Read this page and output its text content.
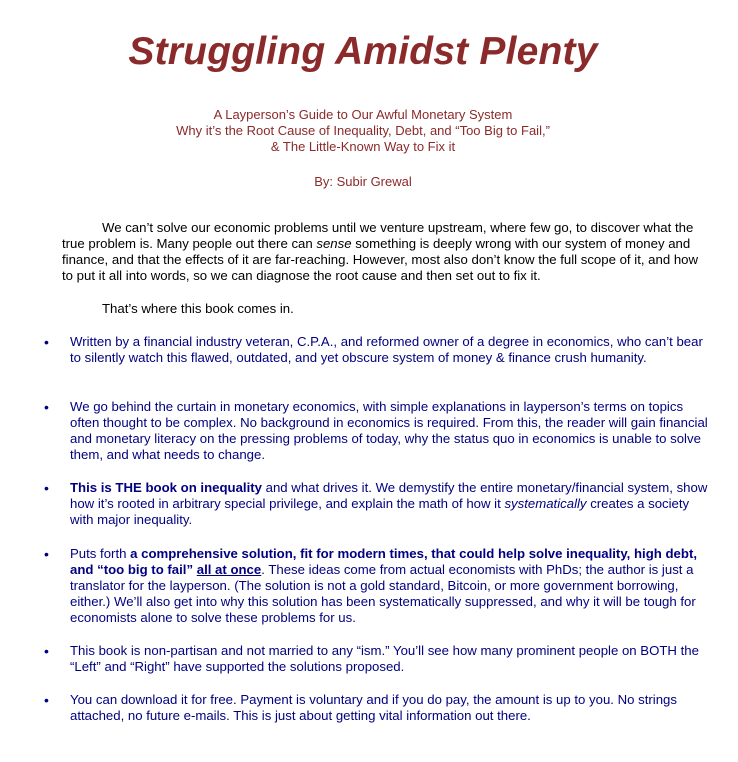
Struggling Amidst Plenty
A Layperson’s Guide to Our Awful Monetary System
Why it’s the Root Cause of Inequality, Debt, and “Too Big to Fail,”
& The Little-Known Way to Fix it
By: Subir Grewal
We can’t solve our economic problems until we venture upstream, where few go, to discover what the true problem is. Many people out there can sense something is deeply wrong with our system of money and finance, and that the effects of it are far-reaching. However, most also don’t know the full scope of it, and how to put it all into words, so we can diagnose the root cause and then set out to fix it.
That’s where this book comes in.
•	Written by a financial industry veteran, C.P.A., and reformed owner of a degree in economics, who can’t bear to silently watch this flawed, outdated, and yet obscure system of money & finance crush humanity.
•	We go behind the curtain in monetary economics, with simple explanations in layperson’s terms on topics often thought to be complex. No background in economics is required. From this, the reader will gain financial and monetary literacy on the pressing problems of today, why the status quo in economics is unable to solve them, and what needs to change.
•	This is THE book on inequality and what drives it. We demystify the entire monetary/financial system, show how it’s rooted in arbitrary special privilege, and explain the math of how it systematically creates a society with major inequality.
•	Puts forth a comprehensive solution, fit for modern times, that could help solve inequality, high debt, and “too big to fail” all at once. These ideas come from actual economists with PhDs; the author is just a translator for the layperson. (The solution is not a gold standard, Bitcoin, or more government borrowing, either.) We’ll also get into why this solution has been systematically suppressed, and why it will be tough for economists alone to solve these problems for us.
•	This book is non-partisan and not married to any “ism.” You’ll see how many prominent people on BOTH the “Left” and “Right” have supported the solutions proposed.
•	You can download it for free. Payment is voluntary and if you do pay, the amount is up to you. No strings attached, no future e-mails. This is just about getting vital information out there.
